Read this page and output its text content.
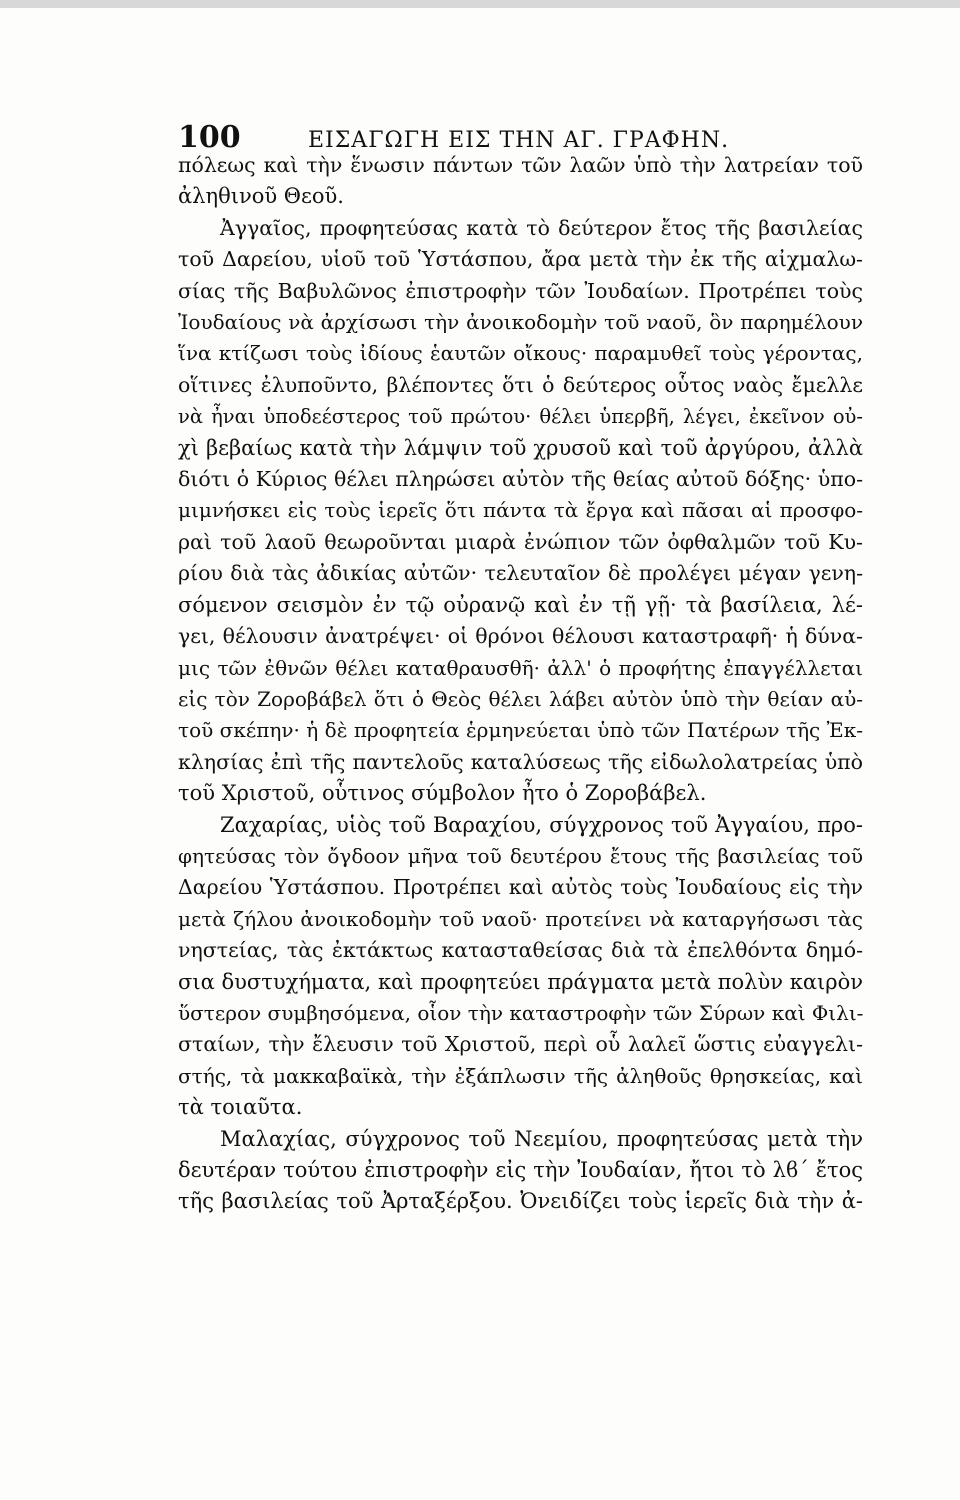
100	ΕΙΣΑΓΩΓΗ ΕΙΣ ΤΗΝ ΑΓ. ΓΡΑΦΗΝ.
πόλεως καὶ τὴν ἕνωσιν πάντων τῶν λαῶν ὑπὸ τὴν λατρείαν τοῦ
ἀληθινοῦ Θεοῦ.
Ἀγγαῖος, προφητεύσας κατὰ τὸ δεύτερον ἔτος τῆς βασιλείας
τοῦ Δαρείου, υἱοῦ τοῦ Ὑστάσπου, ἄρα μετὰ τὴν ἐκ τῆς αἰχμαλω-
σίας τῆς Βαβυλῶνος ἐπιστροφὴν τῶν Ἰουδαίων. Προτρέπει τοὺς
Ἰουδαίους νὰ ἀρχίσωσι τὴν ἀνοικοδομὴν τοῦ ναοῦ, ὃν παρημέλουν
ἵνα κτίζωσι τοὺς ἰδίους ἑαυτῶν οἴκους· παραμυθεῖ τοὺς γέροντας,
οἵτινες ἐλυποῦντο, βλέποντες ὅτι ὁ δεύτερος οὗτος ναὸς ἔμελλε
νὰ ἦναι ὑποδεέστερος τοῦ πρώτου· θέλει ὑπερβῆ, λέγει, ἐκεῖνον οὐ-
χὶ βεβαίως κατὰ τὴν λάμψιν τοῦ χρυσοῦ καὶ τοῦ ἀργύρου, ἀλλὰ
διότι ὁ Κύριος θέλει πληρώσει αὐτὸν τῆς θείας αὐτοῦ δόξης· ὑπο-
μιμνήσκει εἰς τοὺς ἱερεῖς ὅτι πάντα τὰ ἔργα καὶ πᾶσαι αἱ προσφο-
ραὶ τοῦ λαοῦ θεωροῦνται μιαρὰ ἐνώπιον τῶν ὀφθαλμῶν τοῦ Κυ-
ρίου διὰ τὰς ἀδικίας αὐτῶν· τελευταῖον δὲ προλέγει μέγαν γενη-
σόμενον σεισμὸν ἐν τῷ οὐρανῷ καὶ ἐν τῇ γῇ· τὰ βασίλεια, λέ-
γει, θέλουσιν ἀνατρέψει· οἱ θρόνοι θέλουσι καταστραφῆ· ἡ δύνα-
μις τῶν ἐθνῶν θέλει καταθραυσθῆ· ἀλλ' ὁ προφήτης ἐπαγγέλλεται
εἰς τὸν Ζοροβάβελ ὅτι ὁ Θεὸς θέλει λάβει αὐτὸν ὑπὸ τὴν θείαν αὐ-
τοῦ σκέπην· ἡ δὲ προφητεία ἑρμηνεύεται ὑπὸ τῶν Πατέρων τῆς Ἐκ-
κλησίας ἐπὶ τῆς παντελοῦς καταλύσεως τῆς εἰδωλολατρείας ὑπὸ
τοῦ Χριστοῦ, οὗτινος σύμβολον ἦτο ὁ Ζοροβάβελ.
Ζαχαρίας, υἱὸς τοῦ Βαραχίου, σύγχρονος τοῦ Ἀγγαίου, προ-
φητεύσας τὸν ὄγδοον μῆνα τοῦ δευτέρου ἔτους τῆς βασιλείας τοῦ
Δαρείου Ὑστάσπου. Προτρέπει καὶ αὐτὸς τοὺς Ἰουδαίους εἰς τὴν
μετὰ ζήλου ἀνοικοδομὴν τοῦ ναοῦ· προτείνει νὰ καταργήσωσι τὰς
νηστείας, τὰς ἐκτάκτως κατασταθείσας διὰ τὰ ἐπελθόντα δημό-
σια δυστυχήματα, καὶ προφητεύει πράγματα μετὰ πολὺν καιρὸν
ὕστερον συμβησόμενα, οἷον τὴν καταστροφὴν τῶν Σύρων καὶ Φιλι-
σταίων, τὴν ἔλευσιν τοῦ Χριστοῦ, περὶ οὗ λαλεῖ ὥστις εὐαγγελι-
στής, τὰ μακκαβαϊκὰ, τὴν ἐξάπλωσιν τῆς ἀληθοῦς θρησκείας, καὶ
τὰ τοιαῦτα.
Μαλαχίας, σύγχρονος τοῦ Νεεμίου, προφητεύσας μετὰ τὴν
δευτέραν τούτου ἐπιστροφὴν εἰς τὴν Ἰουδαίαν, ἤτοι τὸ λϐ´ ἔτος
τῆς βασιλείας τοῦ Ἀρταξέρξου. Ὀνειδίζει τοὺς ἱερεῖς διὰ τὴν ἀ-
